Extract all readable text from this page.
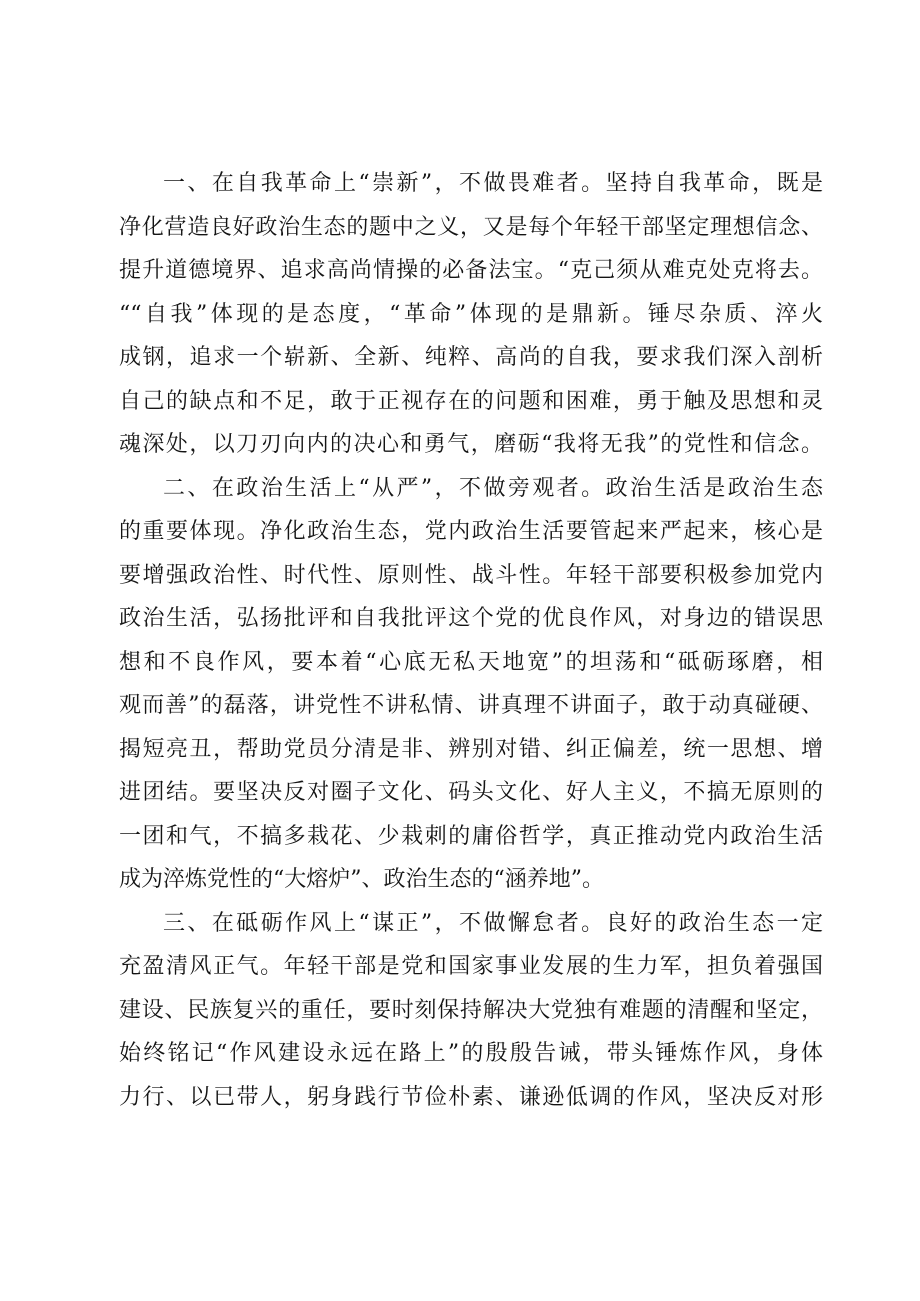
一、在自我革命上“崇新”，不做畏难者。坚持自我革命，既是
净化营造良好政治生态的题中之义，又是每个年轻干部坚定理想信念、
提升道德境界、追求高尚情操的必备法宝。“克己须从难克处克将去。
““自我”体现的是态度，“革命”体现的是鼎新。锤尽杂质、淬火
成钢，追求一个崭新、全新、纯粹、高尚的自我，要求我们深入剖析
自己的缺点和不足，敢于正视存在的问题和困难，勇于触及思想和灵
魂深处，以刀刃向内的决心和勇气，磨砺“我将无我”的党性和信念。
二、在政治生活上“从严”，不做旁观者。政治生活是政治生态
的重要体现。净化政治生态，党内政治生活要管起来严起来，核心是
要增强政治性、时代性、原则性、战斗性。年轻干部要积极参加党内
政治生活，弘扬批评和自我批评这个党的优良作风，对身边的错误思
想和不良作风，要本着“心底无私天地宽”的坦荡和“砥砺琢磨，相
观而善”的磊落，讲党性不讲私情、讲真理不讲面子，敢于动真碰硬、
揭短亮丑，帮助党员分清是非、辨别对错、纠正偏差，统一思想、增
进团结。要坚决反对圈子文化、码头文化、好人主义，不搞无原则的
一团和气，不搞多栽花、少栽刺的庸俗哲学，真正推动党内政治生活
成为淬炼党性的“大熔炉”、政治生态的“涵养地”。
三、在砥砺作风上“谋正”，不做懈怠者。良好的政治生态一定
充盈清风正气。年轻干部是党和国家事业发展的生力军，担负着强国
建设、民族复兴的重任，要时刻保持解决大党独有难题的清醒和坚定，
始终铭记“作风建设永远在路上”的殷殷告诫，带头锤炼作风，身体
力行、以已带人，躬身践行节俭朴素、谦逊低调的作风，坚决反对形
